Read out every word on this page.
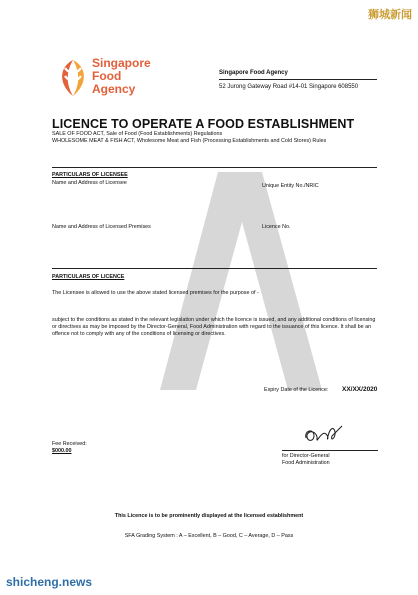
狮城新闻
Singapore
Food
Agency
Singapore Food Agency
52 Jurong Gateway Road #14-01 Singapore 608550
LICENCE TO OPERATE A FOOD ESTABLISHMENT
SALE OF FOOD ACT, Sale of Food (Food Establishments) Regulations
WHOLESOME MEAT & FISH ACT, Wholesome Meat and Fish (Processing Establishments and Cold Stores) Rules
PARTICULARS OF LICENSEE
Name and Address of Licensee	Unique Entity No./NRIC
Name and Address of Licensed Premises	Licence No.
PARTICULARS OF LICENCE
The Licensee is allowed to use the above stated licensed premises for the purpose of -
subject to the conditions as stated in the relevant legislation under which the licence is issued, and any additional conditions of licensing or directives as may be imposed by the Director-General, Food Administration with regard to the issuance of this licence. It shall be an offence not to comply with any of the conditions of licensing or directives.
Expiry Date of the Licence: XX/XX/2020
Fee Received:
$000.00
for Director-General
Food Administration
This Licence is to be prominently displayed at the licensed establishment
SFA Grading System : A – Excellent, B – Good, C – Average, D – Pass
shicheng.news
